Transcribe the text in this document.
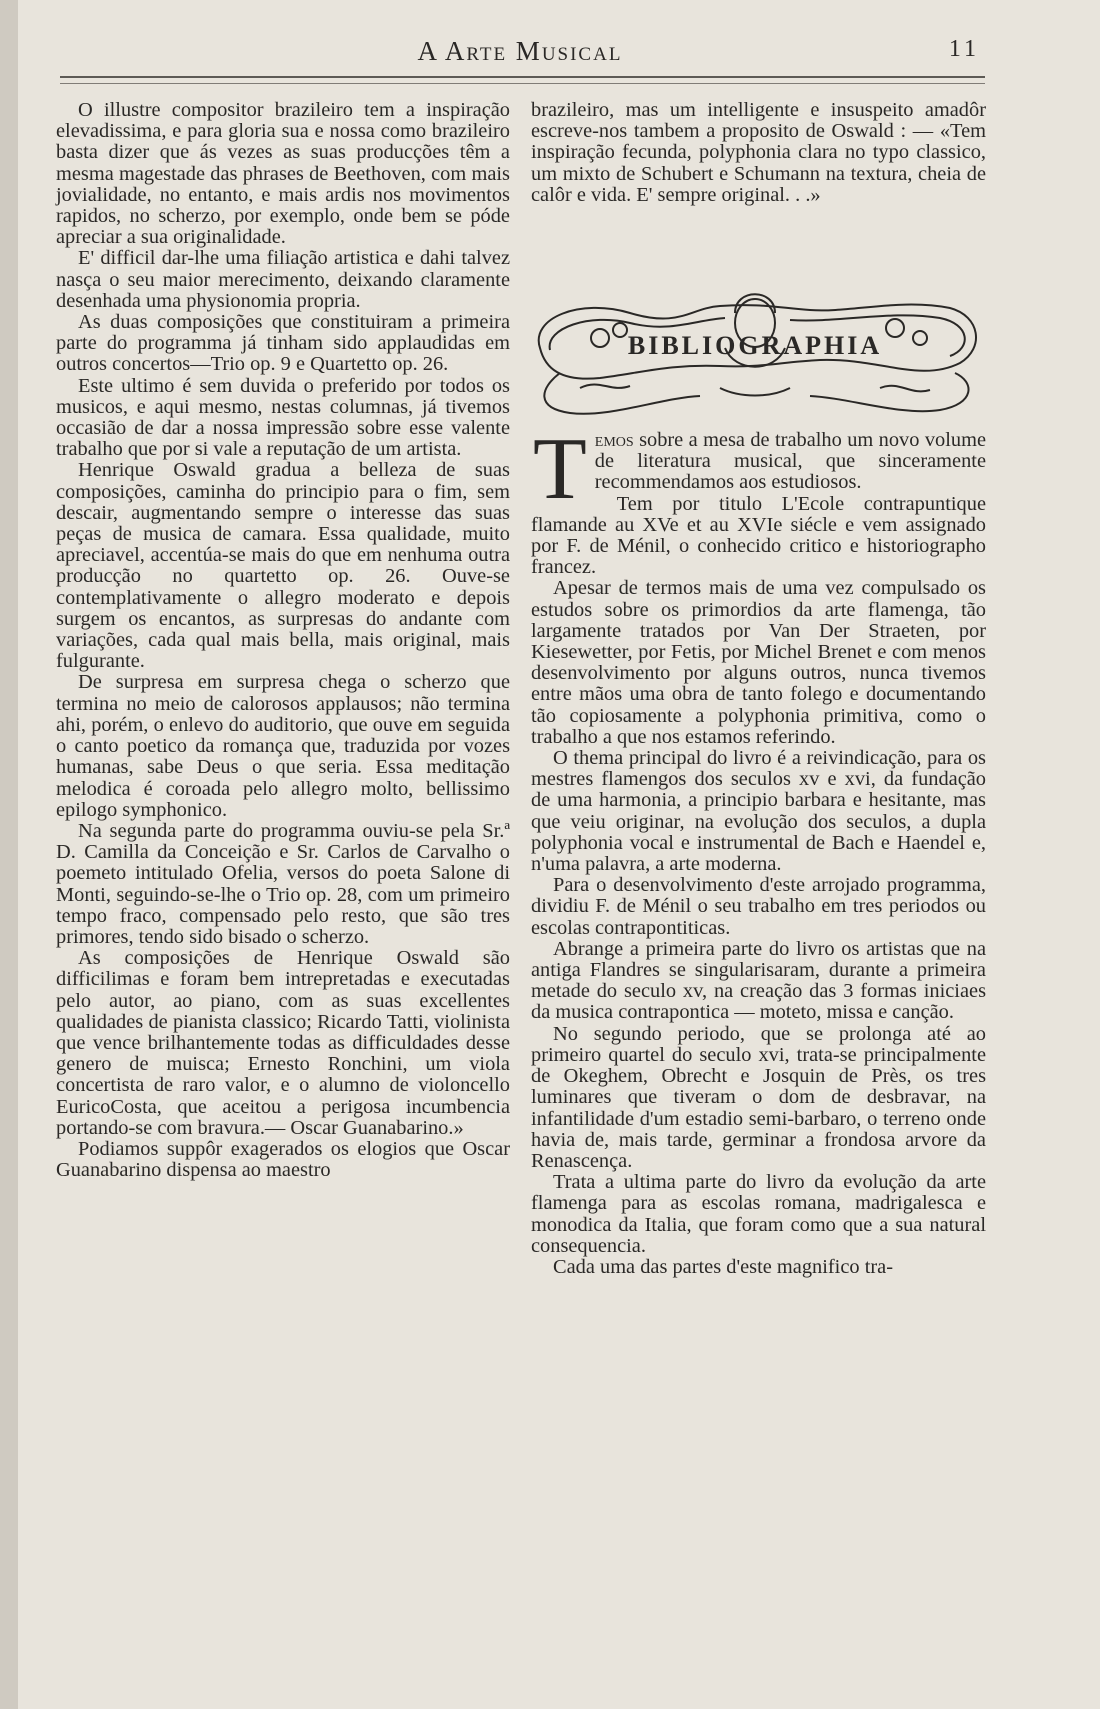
A Arte Musical	11

O illustre compositor brazileiro tem a inspiração elevadissima, e para gloria sua e nossa como brazileiro basta dizer que ás vezes as suas producções têm a mesma magestade das phrases de Beethoven, com mais jovialidade, no entanto, e mais ardis nos movimentos rapidos, no scherzo, por exemplo, onde bem se póde apreciar a sua originalidade.

E' difficil dar-lhe uma filiação artistica e dahi talvez nasça o seu maior merecimento, deixando claramente desenhada uma physionomia propria.

As duas composições que constituiram a primeira parte do programma já tinham sido applaudidas em outros concertos—Trio op. 9 e Quartetto op. 26.

Este ultimo é sem duvida o preferido por todos os musicos, e aqui mesmo, nestas columnas, já tivemos occasião de dar a nossa impressão sobre esse valente trabalho que por si vale a reputação de um artista.

Henrique Oswald gradua a belleza de suas composições, caminha do principio para o fim, sem descair, augmentando sempre o interesse das suas peças de musica de camara. Essa qualidade, muito apreciavel, accentúa-se mais do que em nenhuma outra producção no quartetto op. 26. Ouve-se contemplativamente o allegro moderato e depois surgem os encantos, as surpresas do andante com variações, cada qual mais bella, mais original, mais fulgurante.

De surpresa em surpresa chega o scherzo que termina no meio de calorosos applausos; não termina ahi, porém, o enlevo do auditorio, que ouve em seguida o canto poetico da romança que, traduzida por vozes humanas, sabe Deus o que seria. Essa meditação melodica é coroada pelo allegro molto, bellissimo epilogo symphonico.

Na segunda parte do programma ouviu-se pela Sr.ª D. Camilla da Conceição e Sr. Carlos de Carvalho o poemeto intitulado Ofelia, versos do poeta Salone di Monti, seguindo-se-lhe o Trio op. 28, com um primeiro tempo fraco, compensado pelo resto, que são tres primores, tendo sido bisado o scherzo.

As composições de Henrique Oswald são difficilimas e foram bem intrepretadas e executadas pelo autor, ao piano, com as suas excellentes qualidades de pianista classico; Ricardo Tatti, violinista que vence brilhantemente todas as difficuldades desse genero de muisca; Ernesto Ronchini, um viola concertista de raro valor, e o alumno de violoncello EuricoCosta, que aceitou a perigosa incumbencia portando-se com bravura.— Oscar Guanabarino.»

Podiamos suppôr exagerados os elogios que Oscar Guanabarino dispensa ao maestro

brazileiro, mas um intelligente e insuspeito amadôr escreve-nos tambem a proposito de Oswald : — «Tem inspiração fecunda, polyphonia clara no typo classico, um mixto de Schubert e Schumann na textura, cheia de calôr e vida. E' sempre original. . .»

BIBLIOGRAPHIA

Temos sobre a mesa de trabalho um novo volume de literatura musical, que sinceramente recommendamos aos estudiosos.

Tem por titulo L'Ecole contrapuntique flamande au XVe et au XVIe siécle e vem assignado por F. de Ménil, o conhecido critico e historiographo francez.

Apesar de termos mais de uma vez compulsado os estudos sobre os primordios da arte flamenga, tão largamente tratados por Van Der Straeten, por Kiesewetter, por Fetis, por Michel Brenet e com menos desenvolvimento por alguns outros, nunca tivemos entre mãos uma obra de tanto folego e documentando tão copiosamente a polyphonia primitiva, como o trabalho a que nos estamos referindo.

O thema principal do livro é a reivindicação, para os mestres flamengos dos seculos xv e xvi, da fundação de uma harmonia, a principio barbara e hesitante, mas que veiu originar, na evolução dos seculos, a dupla polyphonia vocal e instrumental de Bach e Haendel e, n'uma palavra, a arte moderna.

Para o desenvolvimento d'este arrojado programma, dividiu F. de Ménil o seu trabalho em tres periodos ou escolas contrapontiticas.

Abrange a primeira parte do livro os artistas que na antiga Flandres se singularisaram, durante a primeira metade do seculo xv, na creação das 3 formas iniciaes da musica contrapontica — moteto, missa e canção.

No segundo periodo, que se prolonga até ao primeiro quartel do seculo xvi, trata-se principalmente de Okeghem, Obrecht e Josquin de Près, os tres luminares que tiveram o dom de desbravar, na infantilidade d'um estadio semi-barbaro, o terreno onde havia de, mais tarde, germinar a frondosa arvore da Renascença.

Trata a ultima parte do livro da evolução da arte flamenga para as escolas romana, madrigalesca e monodica da Italia, que foram como que a sua natural consequencia.

Cada uma das partes d'este magnifico tra-
